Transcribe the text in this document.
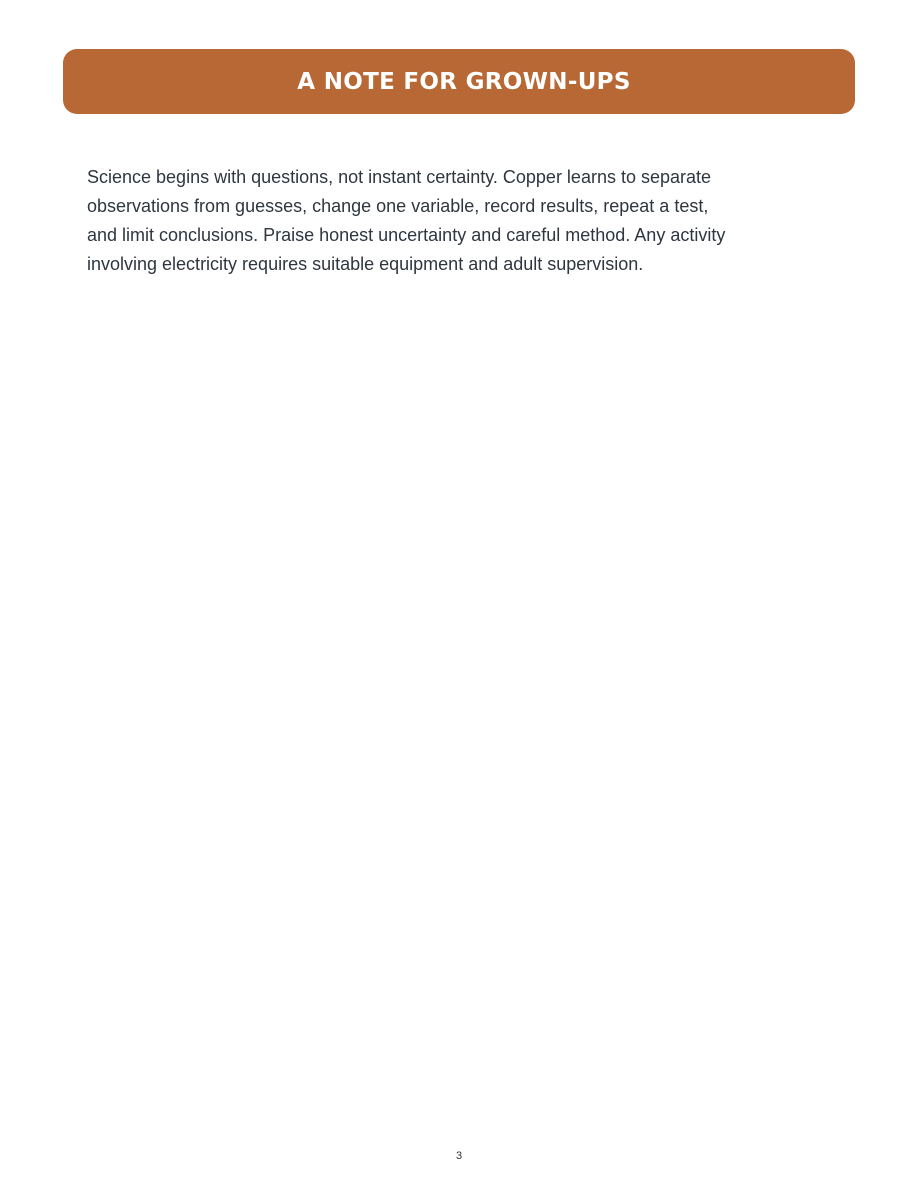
A NOTE FOR GROWN-UPS

Science begins with questions, not instant certainty. Copper learns to separate observations from guesses, change one variable, record results, repeat a test, and limit conclusions. Praise honest uncertainty and careful method. Any activity involving electricity requires suitable equipment and adult supervision.

3
